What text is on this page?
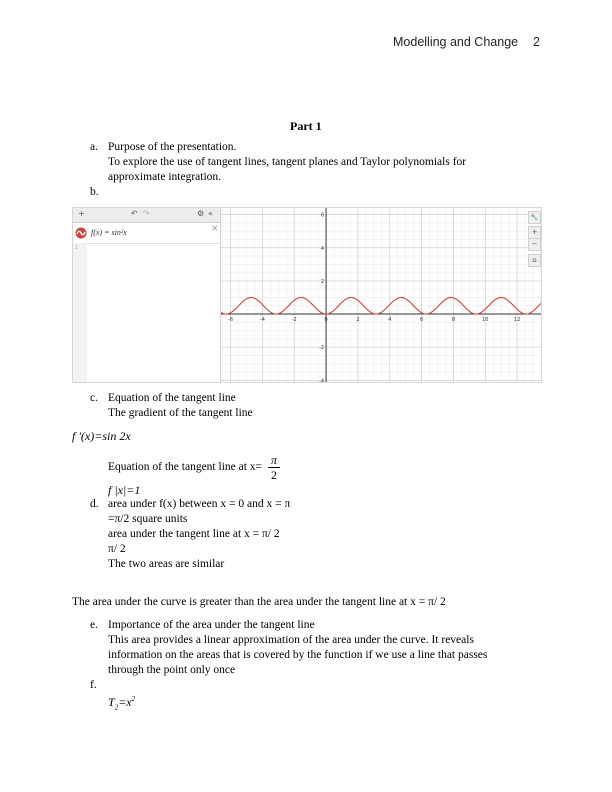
Modelling and Change 2
Part 1
a. Purpose of the presentation.
To explore the use of tangent lines, tangent planes and Taylor polynomials for
approximate integration.
b.
+	↶ ↷	⚙ «
f(x) = sin²x	×
1
-6	-4	-2	0	2	4	6	8	10	12
-4
-2
2
4
6	🔧
+
−
⌂
c. Equation of the tangent line
The gradient of the tangent line
f '(x)=sin 2x
Equation of the tangent line at x= π
2
f |x|=1
d. area under f(x) between x = 0 and x = π
=π/2 square units
area under the tangent line at x = π/ 2
π/ 2
The two areas are similar
The area under the curve is greater than the area under the tangent line at x = π/ 2
e. Importance of the area under the tangent line
This area provides a linear approximation of the area under the curve. It reveals
information on the areas that is covered by the function if we use a line that passes
through the point only once
f.
$T_2=x^2$
